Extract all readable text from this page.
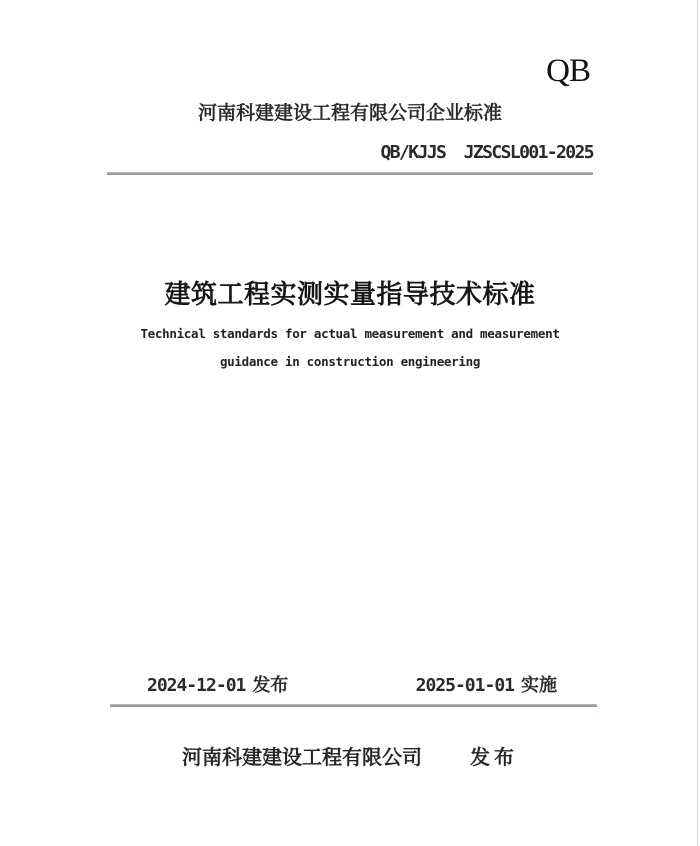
QB
河南科建建设工程有限公司企业标准
QB/KJJS  JZSCSL001-2025
建筑工程实测实量指导技术标准
Technical standards for actual measurement and measurement
guidance in construction engineering
2024-12-01 发布	2025-01-01 实施
河南科建建设工程有限公司 发布
